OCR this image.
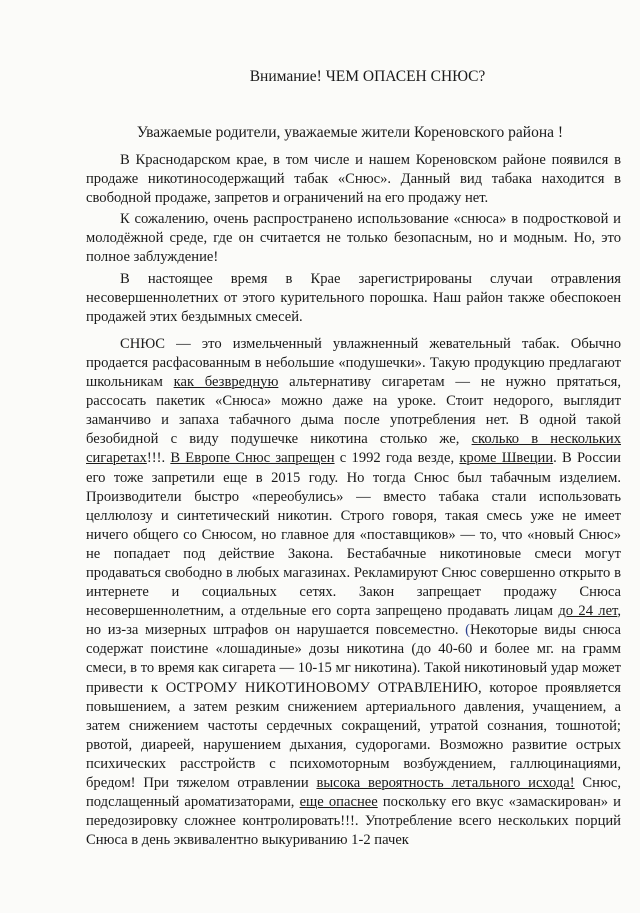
Внимание! ЧЕМ ОПАСЕН СНЮС?
Уважаемые родители, уважаемые жители Кореновского района !

В Краснодарском крае, в том числе и нашем Кореновском районе появился в продаже никотиносодержащий табак «Снюс». Данный вид табака находится в свободной продаже, запретов и ограничений на его продажу нет.

К сожалению, очень распространено использование «снюса» в подростковой и молодёжной среде, где он считается не только безопасным, но и модным. Но, это полное заблуждение!

В настоящее время в Крае зарегистрированы случаи отравления несовершеннолетних от этого курительного порошка. Наш район также обеспокоен продажей этих бездымных смесей.

СНЮС — это измельченный увлажненный жевательный табак. Обычно продается расфасованным в небольшие «подушечки». Такую продукцию предлагают школьникам как безвредную альтернативу сигаретам — не нужно прятаться, рассосать пакетик «Снюса» можно даже на уроке. Стоит недорого, выглядит заманчиво и запаха табачного дыма после употребления нет. В одной такой безобидной с виду подушечке никотина столько же, сколько в нескольких сигаретах!!!. В Европе Снюс запрещен с 1992 года везде, кроме Швеции. В России его тоже запретили еще в 2015 году. Но тогда Снюс был табачным изделием. Производители быстро «переобулись» — вместо табака стали использовать целлюлозу и синтетический никотин. Строго говоря, такая смесь уже не имеет ничего общего со Снюсом, но главное для «поставщиков» — то, что «новый Снюс» не попадает под действие Закона. Бестабачные никотиновые смеси могут продаваться свободно в любых магазинах. Рекламируют Снюс совершенно открыто в интернете и социальных сетях. Закон запрещает продажу Снюса несовершеннолетним, а отдельные его сорта запрещено продавать лицам до 24 лет, но из-за мизерных штрафов он нарушается повсеместно. (Некоторые виды снюса содержат поистине «лошадиные» дозы никотина (до 40-60 и более мг. на грамм смеси, в то время как сигарета — 10-15 мг никотина). Такой никотиновый удар может привести к ОСТРОМУ НИКОТИНОВОМУ ОТРАВЛЕНИЮ, которое проявляется повышением, а затем резким снижением артериального давления, учащением, а затем снижением частоты сердечных сокращений, утратой сознания, тошнотой; рвотой, диареей, нарушением дыхания, судорогами. Возможно развитие острых психических расстройств с психомоторным возбуждением, галлюцинациями, бредом! При тяжелом отравлении высока вероятность летального исхода! Снюс, подслащенный ароматизаторами, еще опаснее поскольку его вкус «замаскирован» и передозировку сложнее контролировать!!!. Употребление всего нескольких порций Снюса в день эквивалентно выкуриванию 1-2 пачек
